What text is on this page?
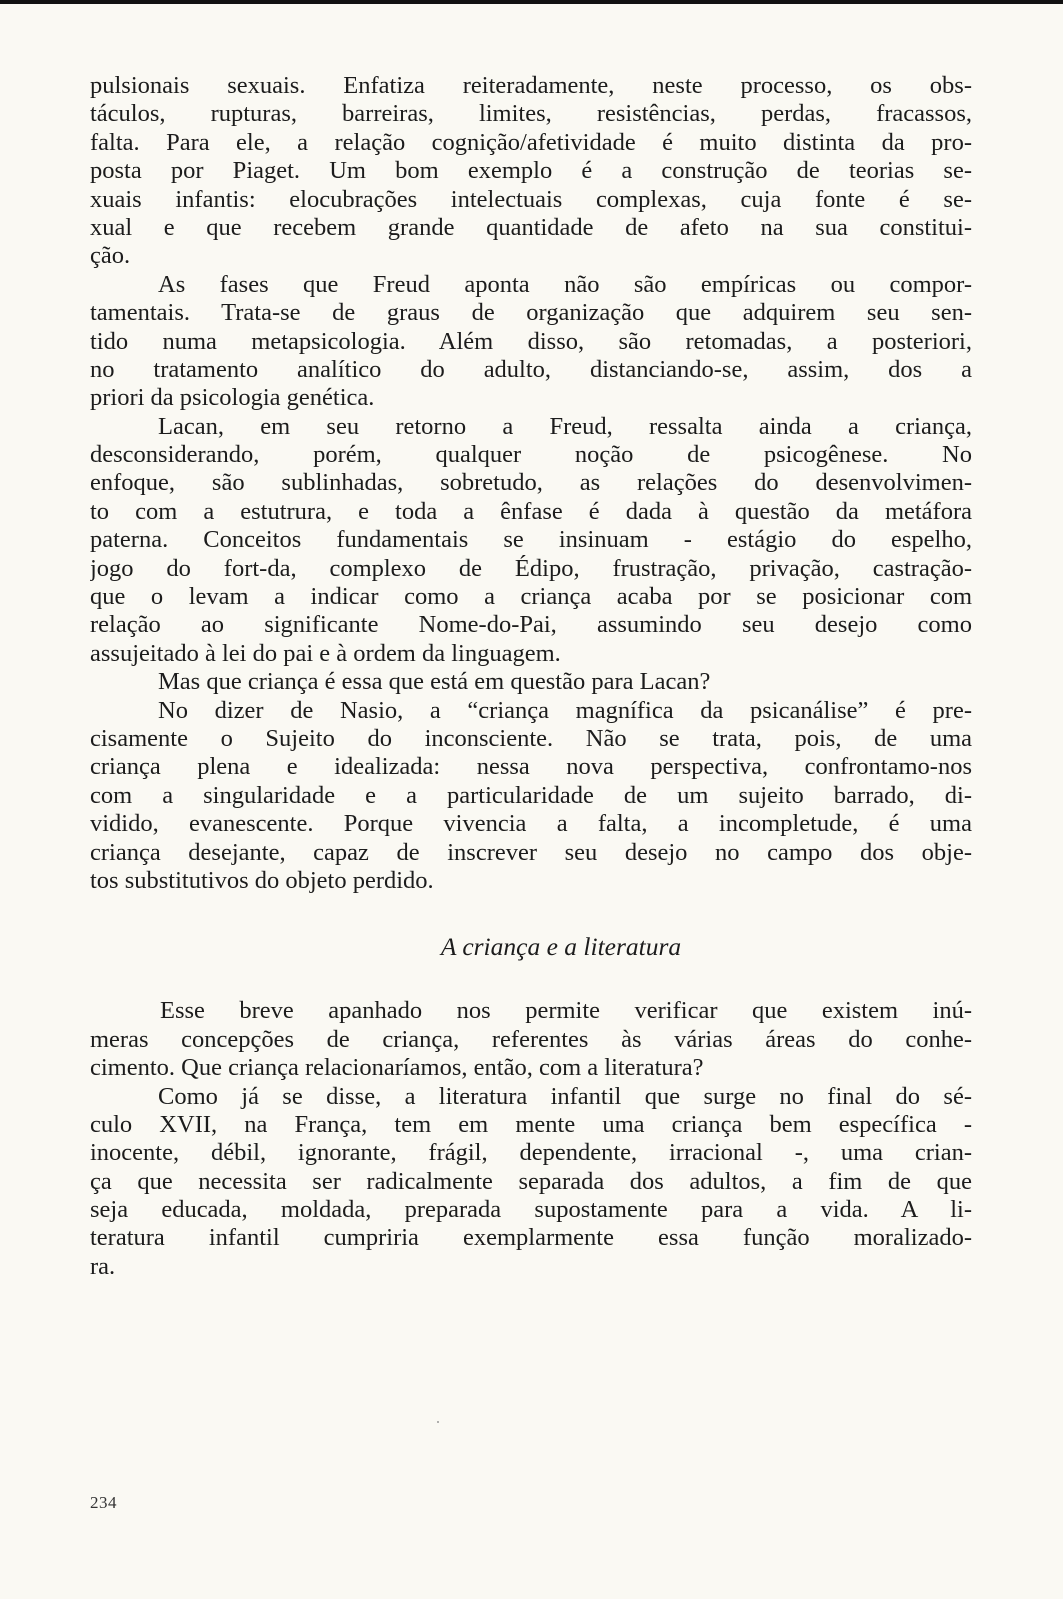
pulsionais sexuais. Enfatiza reiteradamente, neste processo, os obs-
táculos, rupturas, barreiras, limites, resistências, perdas, fracassos,
falta. Para ele, a relação cognição/afetividade é muito distinta da pro-
posta por Piaget. Um bom exemplo é a construção de teorias se-
xuais infantis: elocubrações intelectuais complexas, cuja fonte é se-
xual e que recebem grande quantidade de afeto na sua constitui-
ção.
As fases que Freud aponta não são empíricas ou compor-
tamentais. Trata-se de graus de organização que adquirem seu sen-
tido numa metapsicologia. Além disso, são retomadas, a posteriori,
no tratamento analítico do adulto, distanciando-se, assim, dos a
priori da psicologia genética.
Lacan, em seu retorno a Freud, ressalta ainda a criança,
desconsiderando, porém, qualquer noção de psicogênese. No
enfoque, são sublinhadas, sobretudo, as relações do desenvolvimen-
to com a estutrura, e toda a ênfase é dada à questão da metáfora
paterna. Conceitos fundamentais se insinuam - estágio do espelho,
jogo do fort-da, complexo de Édipo, frustração, privação, castração-
que o levam a indicar como a criança acaba por se posicionar com
relação ao significante Nome-do-Pai, assumindo seu desejo como
assujeitado à lei do pai e à ordem da linguagem.
Mas que criança é essa que está em questão para Lacan?
No dizer de Nasio, a “criança magnífica da psicanálise” é pre-
cisamente o Sujeito do inconsciente. Não se trata, pois, de uma
criança plena e idealizada: nessa nova perspectiva, confrontamo-nos
com a singularidade e a particularidade de um sujeito barrado, di-
vidido, evanescente. Porque vivencia a falta, a incompletude, é uma
criança desejante, capaz de inscrever seu desejo no campo dos obje-
tos substitutivos do objeto perdido.
A criança e a literatura
Esse breve apanhado nos permite verificar que existem inú-
meras concepções de criança, referentes às várias áreas do conhe-
cimento. Que criança relacionaríamos, então, com a literatura?
Como já se disse, a literatura infantil que surge no final do sé-
culo XVII, na França, tem em mente uma criança bem específica -
inocente, débil, ignorante, frágil, dependente, irracional -, uma crian-
ça que necessita ser radicalmente separada dos adultos, a fim de que
seja educada, moldada, preparada supostamente para a vida. A li-
teratura infantil cumpriria exemplarmente essa função moralizado-
ra.
234
